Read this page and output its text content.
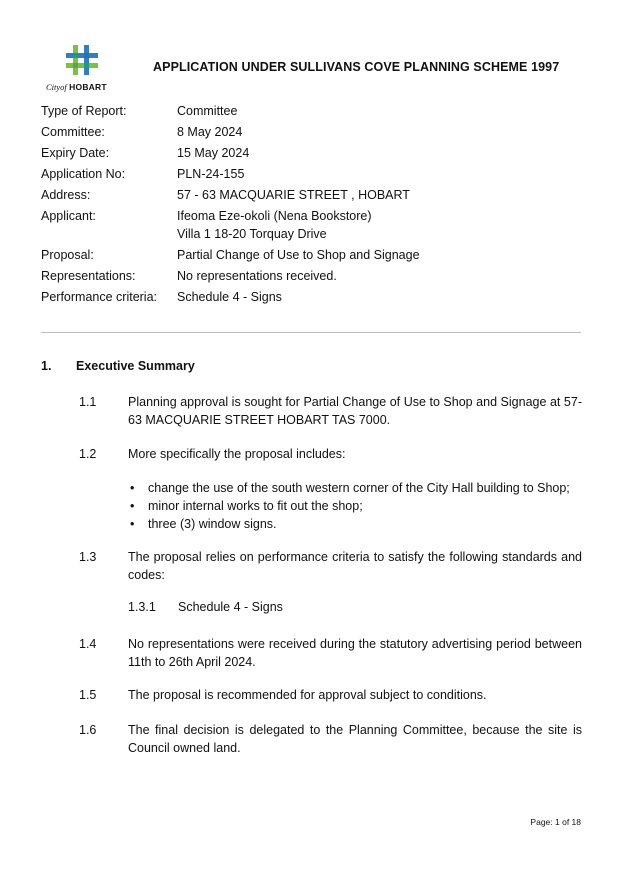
Cityof HOBART
APPLICATION UNDER SULLIVANS COVE PLANNING SCHEME 1997
Type of Report:	Committee
Committee:	8 May 2024
Expiry Date:	15 May 2024
Application No:	PLN-24-155
Address:	57 - 63 MACQUARIE STREET , HOBART
Applicant:	Ifeoma Eze-okoli (Nena Bookstore)
Villa 1 18-20 Torquay Drive
Proposal:	Partial Change of Use to Shop and Signage
Representations:	No representations received.
Performance criteria:	Schedule 4 - Signs
1. Executive Summary
1.1	Planning approval is sought for Partial Change of Use to Shop and Signage at 57-63 MACQUARIE STREET HOBART TAS 7000.
1.2	More specifically the proposal includes:
• change the use of the south western corner of the City Hall building to Shop;
• minor internal works to fit out the shop;
• three (3) window signs.
1.3	The proposal relies on performance criteria to satisfy the following standards and codes:
1.3.1 Schedule 4 - Signs
1.4	No representations were received during the statutory advertising period between 11th to 26th April 2024.
1.5	The proposal is recommended for approval subject to conditions.
1.6	The final decision is delegated to the Planning Committee, because the site is Council owned land.
Page: 1 of 18
